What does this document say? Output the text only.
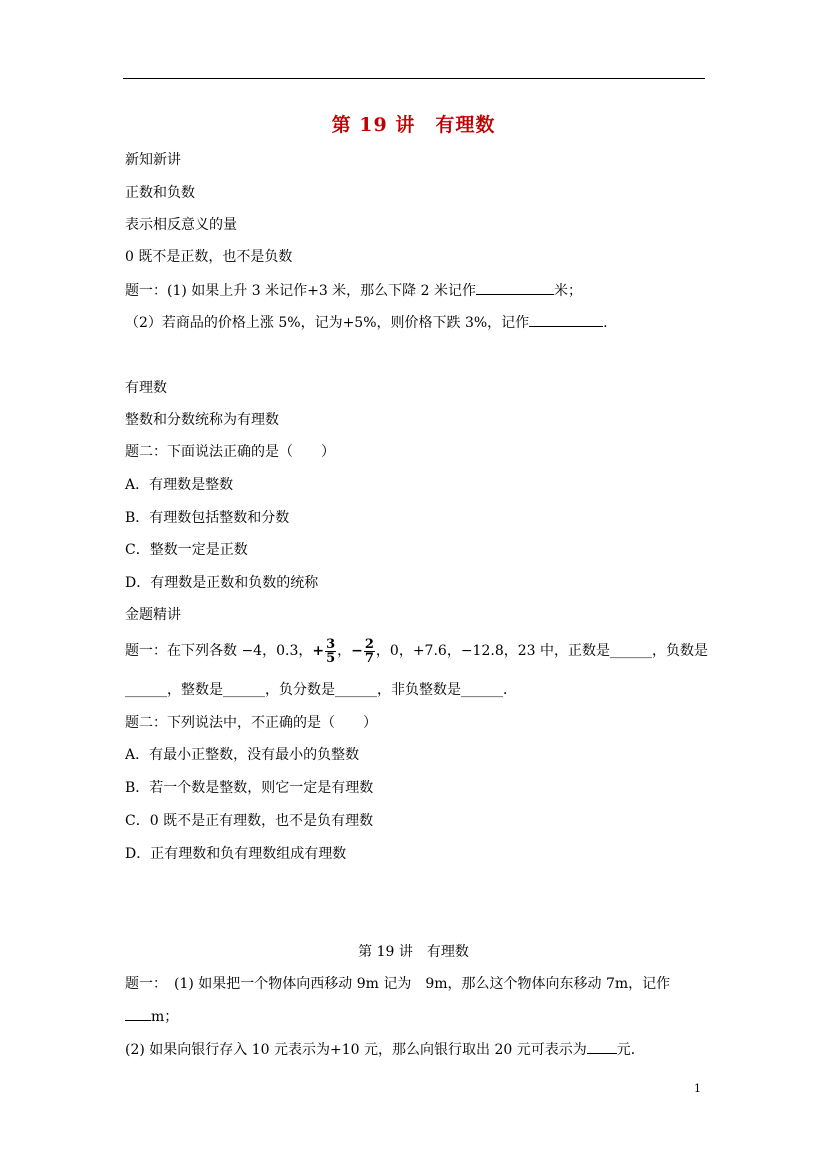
第 19 讲　有理数
新知新讲
正数和负数
表示相反意义的量
0 既不是正数，也不是负数
题一：(1) 如果上升 3 米记作+3 米，那么下降 2 米记作	米；
（2）若商品的价格上涨 5%，记为+5%，则价格下跌 3%，记作	.
有理数
整数和分数统称为有理数
题二：下面说法正确的是（　　）
A．有理数是整数
B．有理数包括整数和分数
C．整数一定是正数
D．有理数是正数和负数的统称
金题精讲
题一：在下列各数 −4，0.3，+ $\frac{3}{5}$ ，− $\frac{2}{7}$ ，0，+7.6，−12.8，23 中，正数是______，负数是
______，整数是______，负分数是______，非负整数是______．
题二：下列说法中，不正确的是（　　）
A．有最小正整数，没有最小的负整数
B．若一个数是整数，则它一定是有理数
C．0 既不是正有理数，也不是负有理数
D．正有理数和负有理数组成有理数
第 19 讲　有理数
题一：　(1) 如果把一个物体向西移动 9m 记为　9m，那么这个物体向东移动 7m，记作
m；
(2) 如果向银行存入 10 元表示为+10 元，那么向银行取出 20 元可表示为 元．
1
